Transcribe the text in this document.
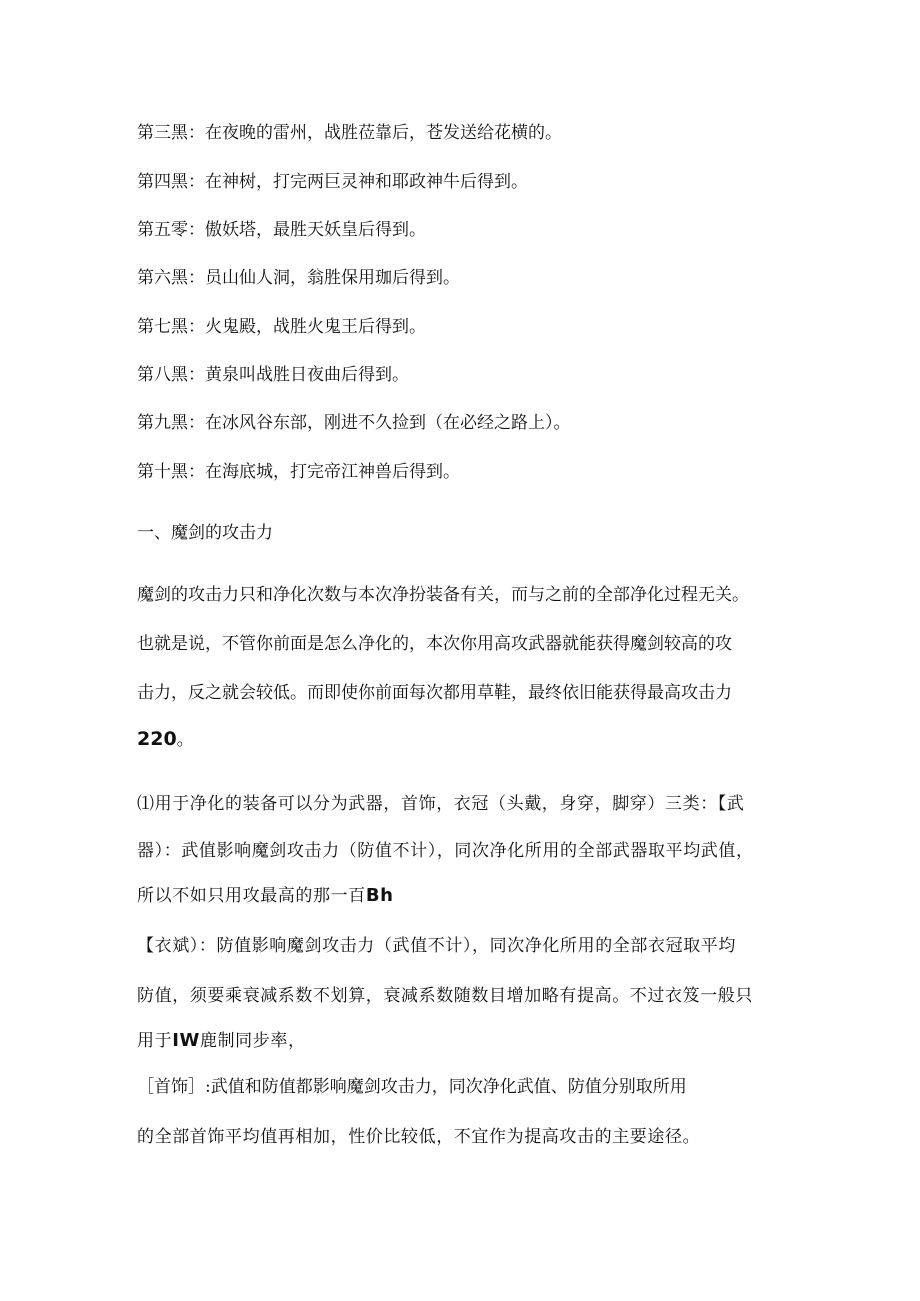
第三黑：在夜晚的雷州，战胜莅靠后，苍发送给花横的。
第四黑：在神树，打完两巨灵神和耶政神牛后得到。
第五零：傲妖塔，最胜天妖皇后得到。
第六黑：员山仙人洞，翁胜保用珈后得到。
第七黑：火鬼殿，战胜火鬼王后得到。
第八黑：黄泉叫战胜日夜曲后得到。
第九黑：在冰风谷东部，刚进不久捡到（在必经之路上）。
第十黑：在海底城，打完帝江神兽后得到。
一、魔剑的攻击力
魔剑的攻击力只和净化次数与本次净扮装备有关，而与之前的全部净化过程无关。
也就是说，不管你前面是怎么净化的，本次你用高攻武器就能获得魔剑较高的攻
击力，反之就会较低。而即使你前面每次都用草鞋，最终依旧能获得最高攻击力
220。
⑴用于净化的装备可以分为武器，首饰，衣冠（头戴，身穿，脚穿）三类：【武
器）：武值影响魔剑攻击力（防值不计），同次净化所用的全部武器取平均武值，
所以不如只用攻最高的那一百Bh
【衣斌）：防值影响魔剑攻击力（武值不计），同次净化所用的全部衣冠取平均
防值，须要乘衰减系数不划算，衰减系数随数目增加略有提高。不过衣笈一般只
用于IW鹿制同步率，
［首饰］:武值和防值都影响魔剑攻击力，同次净化武值、防值分别取所用
的全部首饰平均值再相加，性价比较低，不宜作为提高攻击的主要途径。
